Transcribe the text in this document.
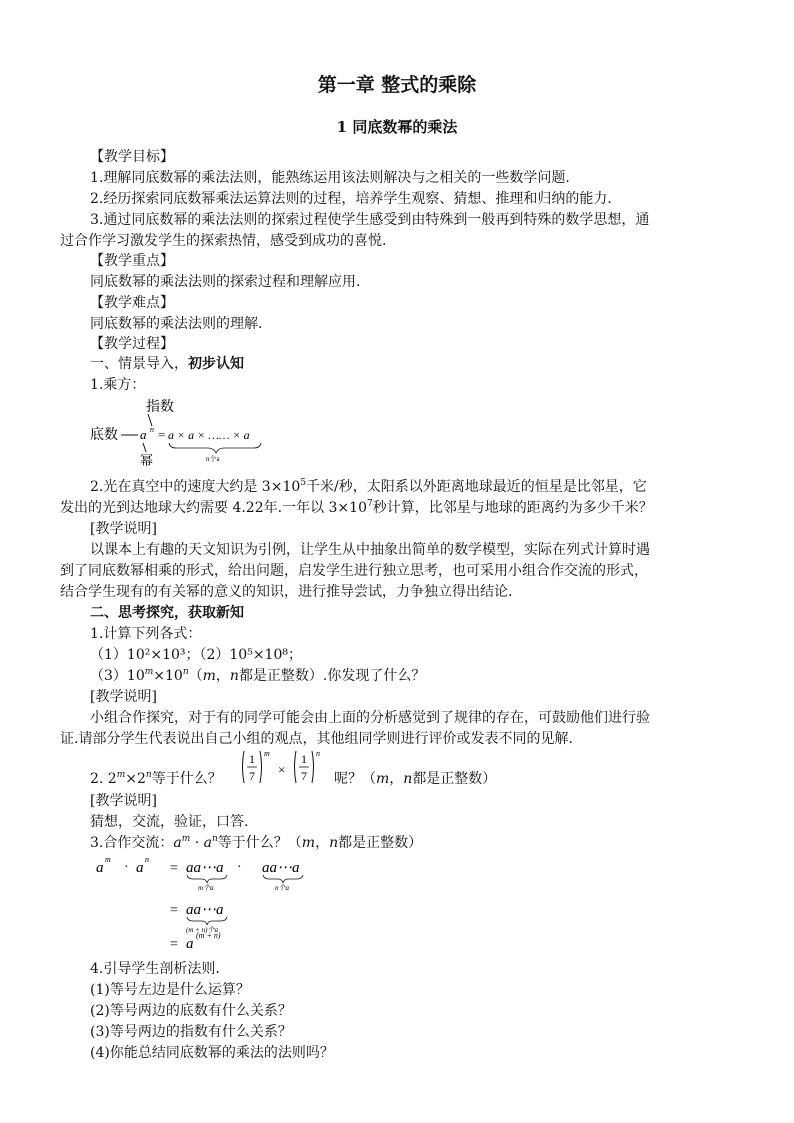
第一章 整式的乘除
1 同底数幂的乘法
【教学目标】
1.理解同底数幂的乘法法则，能熟练运用该法则解决与之相关的一些数学问题.
2.经历探索同底数幂乘法运算法则的过程，培养学生观察、猜想、推理和归纳的能力.
3.通过同底数幂的乘法法则的探索过程使学生感受到由特殊到一般再到特殊的数学思想，通
过合作学习激发学生的探索热情，感受到成功的喜悦.
【教学重点】
同底数幂的乘法法则的探索过程和理解应用.
【教学难点】
同底数幂的乘法法则的理解.
【教学过程】
一、情景导入，初步认知
1.乘方：
指数
底数 a n = a × a × …… × a
n个a
幂
2.光在真空中的速度大约是 $3\times 10^5$千米/秒，太阳系以外距离地球最近的恒星是比邻星，它
发出的光到达地球大约需要 4.22年.一年以 $3\times 10^7$秒计算，比邻星与地球的距离约为多少千米？
[教学说明]
以课本上有趣的天文知识为引例，让学生从中抽象出简单的数学模型，实际在列式计算时遇
到了同底数幂相乘的形式，给出问题，启发学生进行独立思考，也可采用小组合作交流的形式，
结合学生现有的有关幂的意义的知识，进行推导尝试，力争独立得出结论.
二、思考探究，获取新知
1.计算下列各式：
（1）10²×10³；（2）10⁵×10⁸；
$(3)10^m\times 10^n(m$，n都是正整数）.你发现了什么？
[教学说明]
小组合作探究，对于有的同学可能会由上面的分析感觉到了规律的存在，可鼓励他们进行验
证.请部分学生代表说出自己小组的观点，其他组同学则进行评价或发表不同的见解.
2. $2^m\times 2^n$等于什么？
1
7
m
×
1
7
n
呢？（m，n都是正整数）
[教学说明]
猜想，交流，验证，口答.
3.合作交流：$a^m \cdot a^n$等于什么？（m，n都是正整数）
a
m
· a
n
= aa⋯a
m个a
· aa⋯a
n个a
= aa⋯a
(m + n)个a
= a
(m + n)
4.引导学生剖析法则.
(1)等号左边是什么运算？
(2)等号两边的底数有什么关系？
(3)等号两边的指数有什么关系？
(4)你能总结同底数幂的乘法的法则吗？
